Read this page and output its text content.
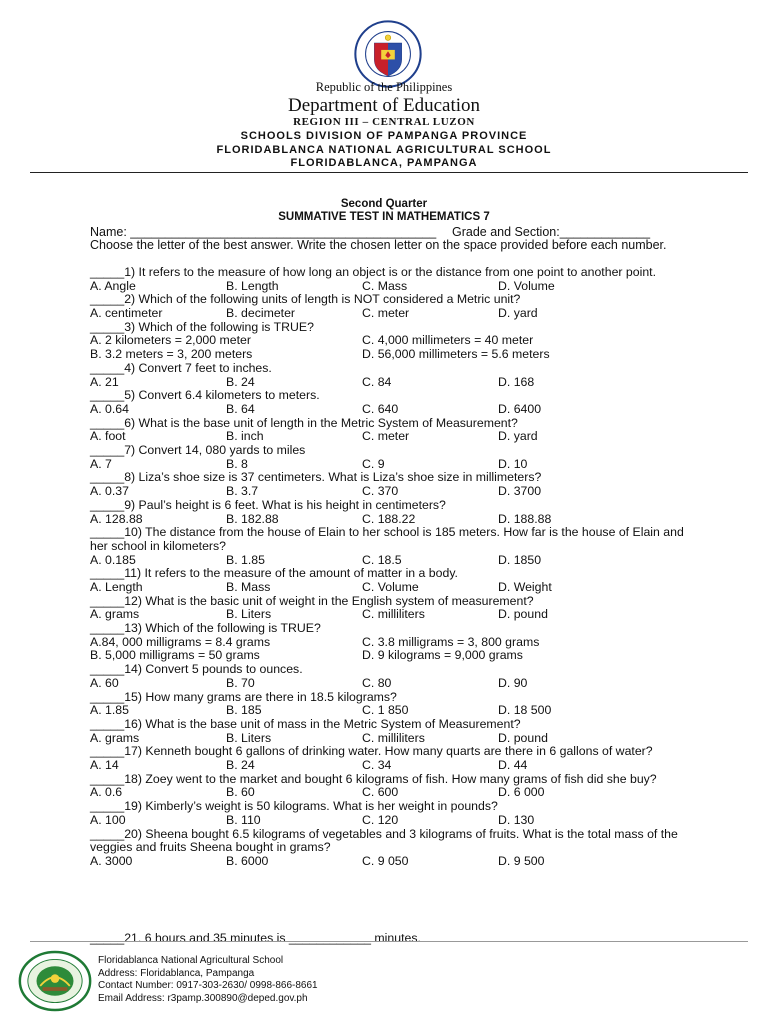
Republic of the Philippines
Department of Education
REGION III – CENTRAL LUZON
SCHOOLS DIVISION OF PAMPANGA PROVINCE
FLORIDABLANCA NATIONAL AGRICULTURAL SCHOOL
FLORIDABLANCA, PAMPANGA
Second Quarter
SUMMATIVE TEST IN MATHEMATICS 7
Name: ____________________________________________ Grade and Section:_____________
Choose the letter of the best answer. Write the chosen letter on the space provided before each number.
_____1) It refers to the measure of how long an object is or the distance from one point to another point.
A. Angle	B. Length	C. Mass	D. Volume
_____2) Which of the following units of length is NOT considered a Metric unit?
A. centimeter	B. decimeter	C. meter	D. yard
_____3) Which of the following is TRUE?
A. 2 kilometers = 2,000 meter	C. 4,000 millimeters = 40 meter
B. 3.2 meters = 3, 200 meters	D. 56,000 millimeters = 5.6 meters
_____4) Convert 7 feet to inches.
A. 21	B. 24	C. 84	D. 168
_____5) Convert 6.4 kilometers to meters.
A. 0.64	B. 64	C. 640	D. 6400
_____6) What is the base unit of length in the Metric System of Measurement?
A. foot	B. inch	C. meter	D. yard
_____7) Convert 14, 080 yards to miles
A. 7	B. 8	C. 9	D. 10
_____8) Liza’s shoe size is 37 centimeters. What is Liza’s shoe size in millimeters?
A. 0.37	B. 3.7	C. 370	D. 3700
_____9) Paul’s height is 6 feet. What is his height in centimeters?
A. 128.88	B. 182.88	C. 188.22	D. 188.88
_____10) The distance from the house of Elain to her school is 185 meters. How far is the house of Elain and her school in kilometers?
A. 0.185	B. 1.85	C. 18.5	D. 1850
_____11) It refers to the measure of the amount of matter in a body.
A. Length	B. Mass	C. Volume	D. Weight
_____12) What is the basic unit of weight in the English system of measurement?
A. grams	B. Liters	C. milliliters	D. pound
_____13) Which of the following is TRUE?
A.84, 000 milligrams = 8.4 grams	C. 3.8 milligrams = 3, 800 grams
B. 5,000 milligrams = 50 grams	D. 9 kilograms = 9,000 grams
_____14) Convert 5 pounds to ounces.
A. 60	B. 70	C. 80	D. 90
_____15) How many grams are there in 18.5 kilograms?
A. 1.85	B. 185	C. 1 850	D. 18 500
_____16) What is the base unit of mass in the Metric System of Measurement?
A. grams	B. Liters	C. milliliters	D. pound
_____17) Kenneth bought 6 gallons of drinking water. How many quarts are there in 6 gallons of water?
A. 14	B. 24	C. 34	D. 44
_____18) Zoey went to the market and bought 6 kilograms of fish. How many grams of fish did she buy?
A. 0.6	B. 60	C. 600	D. 6 000
_____19) Kimberly’s weight is 50 kilograms. What is her weight in pounds?
A. 100	B. 110	C. 120	D. 130
_____20) Sheena bought 6.5 kilograms of vegetables and 3 kilograms of fruits. What is the total mass of the veggies and fruits Sheena bought in grams?
A. 3000	B. 6000	C. 9 050	D. 9 500
_____21. 6 hours and 35 minutes is ____________ minutes.
Floridablanca National Agricultural School
Address: Floridablanca, Pampanga
Contact Number: 0917-303-2630/ 0998-866-8661
Email Address: r3pamp.300890@deped.gov.ph
